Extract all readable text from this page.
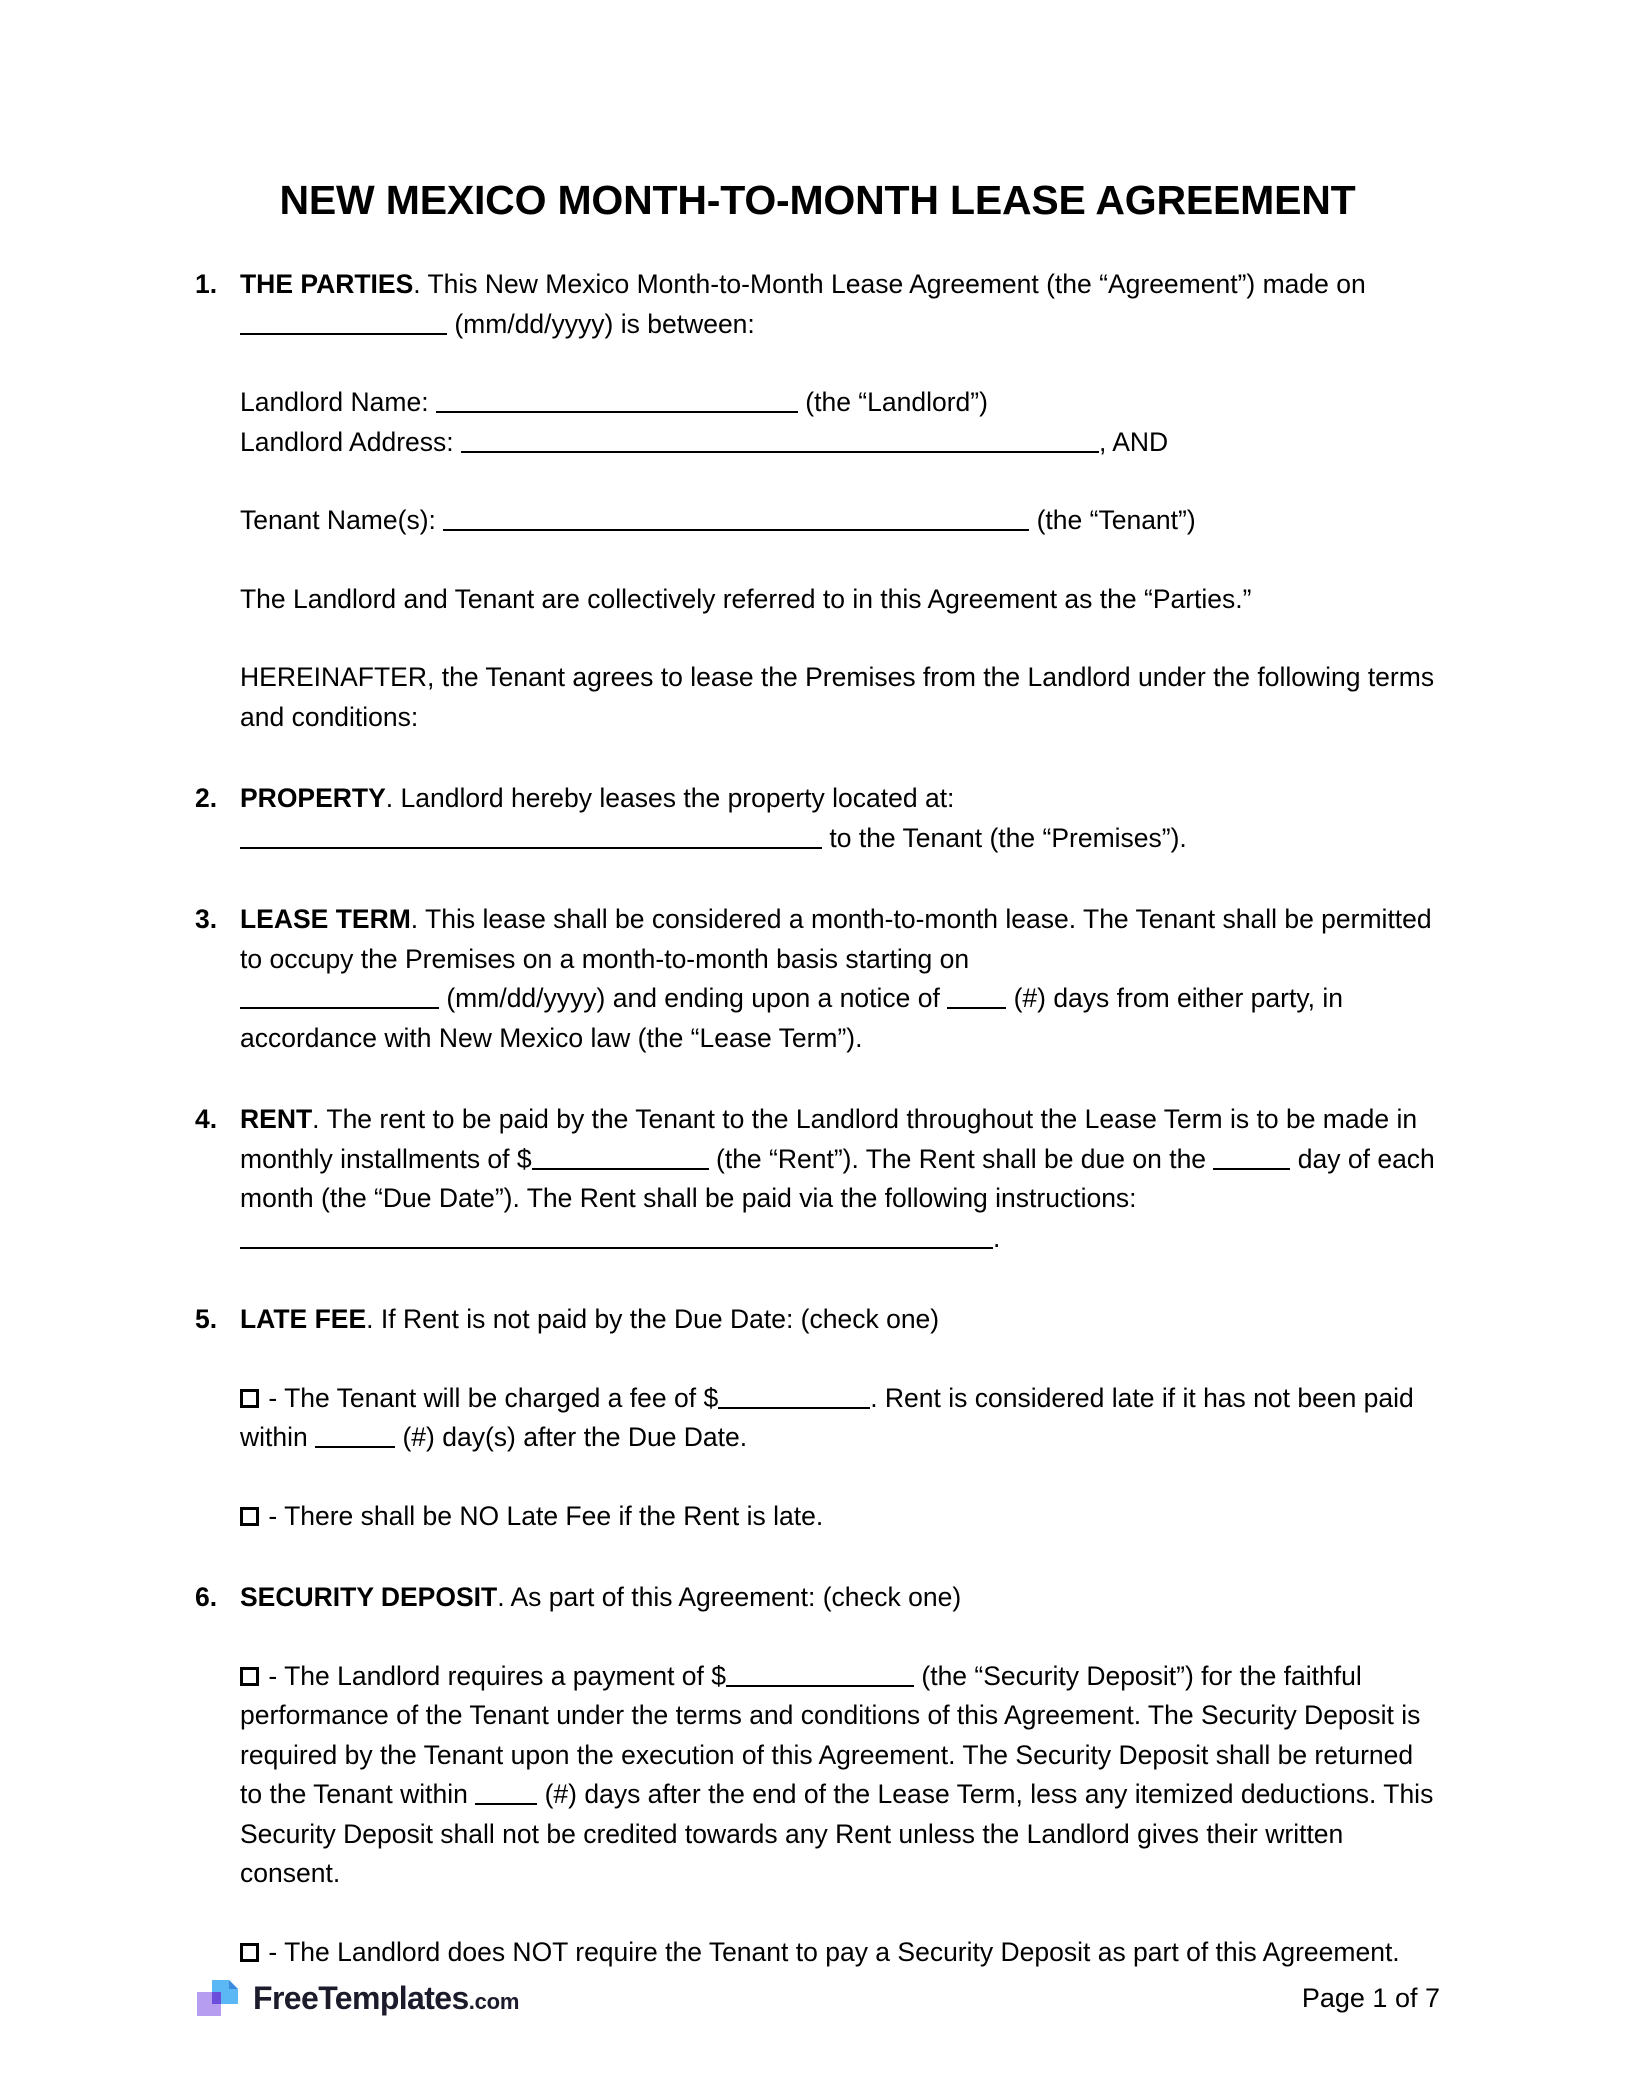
NEW MEXICO MONTH-TO-MONTH LEASE AGREEMENT
1. THE PARTIES. This New Mexico Month-to-Month Lease Agreement (the “Agreement”) made on  (mm/dd/yyyy) is between:

Landlord Name:	(the “Landlord”)
Landlord Address:	, AND

Tenant Name(s):	(the “Tenant”)

The Landlord and Tenant are collectively referred to in this Agreement as the “Parties.”

HEREINAFTER, the Tenant agrees to lease the Premises from the Landlord under the following terms and conditions:

2. PROPERTY. Landlord hereby leases the property located at:
to the Tenant (the “Premises”).

3. LEASE TERM. This lease shall be considered a month-to-month lease. The Tenant shall be permitted to occupy the Premises on a month-to-month basis starting on
(mm/dd/yyyy) and ending upon a notice of  (#) days from either party, in accordance with New Mexico law (the “Lease Term”).

4. RENT. The rent to be paid by the Tenant to the Landlord throughout the Lease Term is to be made in monthly installments of $	(the “Rent”). The Rent shall be due on the	day of each month (the “Due Date”). The Rent shall be paid via the following instructions: .

5. LATE FEE. If Rent is not paid by the Due Date: (check one)

- The Tenant will be charged a fee of $	. Rent is considered late if it has not been paid within	(#) day(s) after the Due Date.

- There shall be NO Late Fee if the Rent is late.

6. SECURITY DEPOSIT. As part of this Agreement: (check one)

- The Landlord requires a payment of $	(the “Security Deposit”) for the faithful performance of the Tenant under the terms and conditions of this Agreement. The Security Deposit is required by the Tenant upon the execution of this Agreement. The Security Deposit shall be returned to the Tenant within  (#) days after the end of the Lease Term, less any itemized deductions. This Security Deposit shall not be credited towards any Rent unless the Landlord gives their written consent.

- The Landlord does NOT require the Tenant to pay a Security Deposit as part of this Agreement.

FreeTemplates.com	Page 1 of 7
